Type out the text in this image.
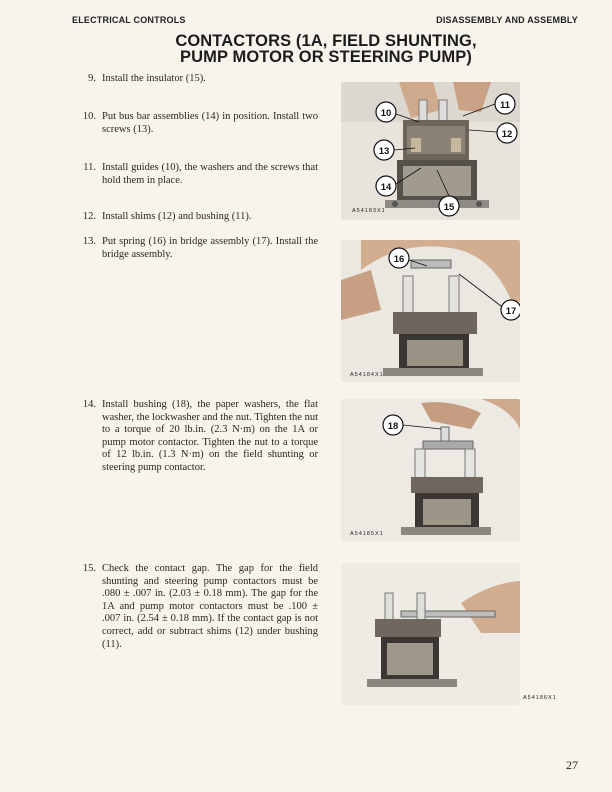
ELECTRICAL CONTROLS	DISASSEMBLY AND ASSEMBLY
CONTACTORS (1A, FIELD SHUNTING,
PUMP MOTOR OR STEERING PUMP)
9. Install the insulator (15).
10. Put bus bar assemblies (14) in position. Install two screws (13).
11. Install guides (10), the washers and the screws that hold them in place.
12. Install shims (12) and bushing (11).
13. Put spring (16) in bridge assembly (17). Install the bridge assembly.
14. Install bushing (18), the paper washers, the flat washer, the lockwasher and the nut. Tighten the nut to a torque of 20 lb.in. (2.3 N·m) on the 1A or pump motor contactor. Tighten the nut to a torque of 12 lb.in. (1.3 N·m) on the field shunting or steering pump contactor.
15. Check the contact gap. The gap for the field shunting and steering pump contactors must be .080 ± .007 in. (2.03 ± 0.18 mm). The gap for the 1A and pump motor contactors must be .100 ± .007 in. (2.54 ± 0.18 mm). If the contact gap is not correct, add or subtract shims (12) under bushing (11).
10
11
12
13
14
15
A54183X1
16
17
A54184X1
18
A54185X1
A54186X1
27
